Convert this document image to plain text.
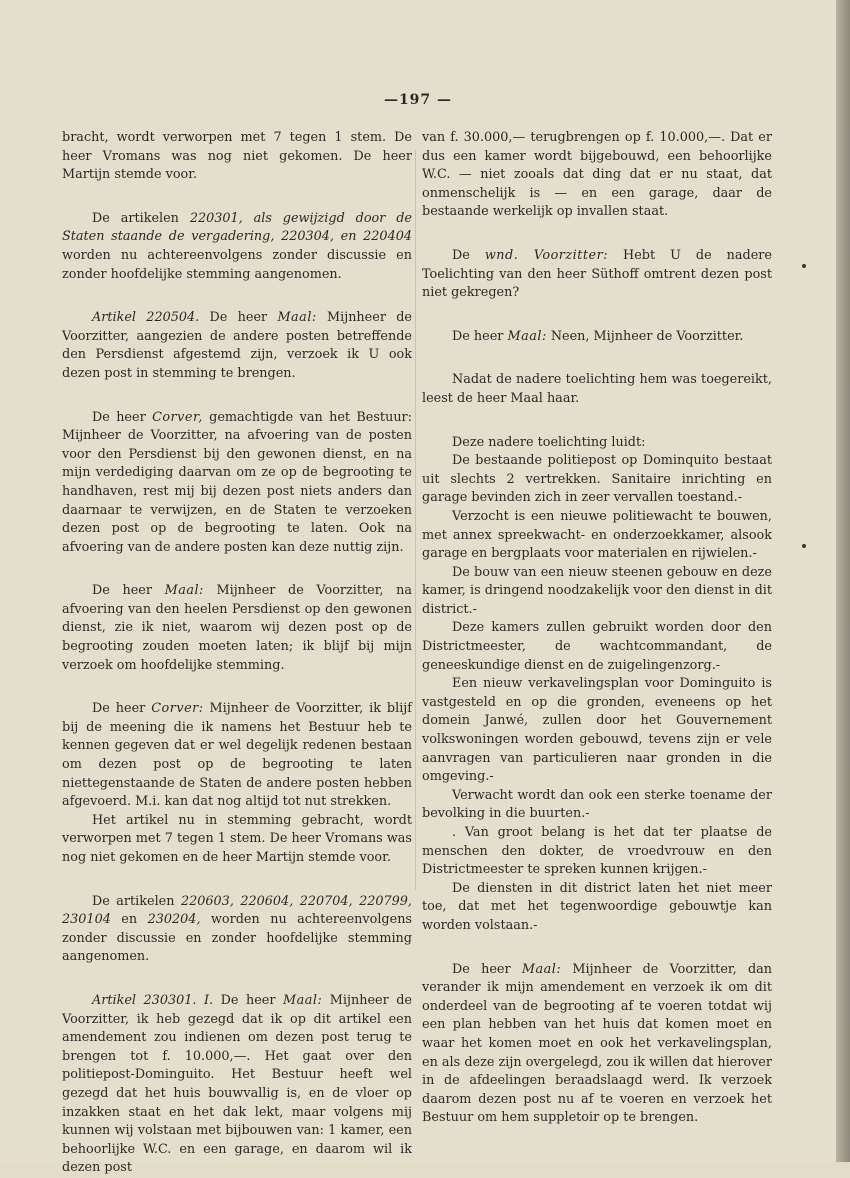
—197 —

bracht, wordt verworpen met 7 tegen 1 stem. De heer Vromans was nog niet gekomen. De heer Martijn stemde voor.

De artikelen 220301, als gewijzigd door de Staten staande de vergadering, 220304, en 220404 worden nu achtereenvolgens zonder discussie en zonder hoofdelijke stemming aangenomen.

Artikel 220504. De heer Maal: Mijnheer de Voorzitter, aangezien de andere posten betreffende den Persdienst afgestemd zijn, verzoek ik U ook dezen post in stemming te brengen.

De heer Corver, gemachtigde van het Bestuur: Mijnheer de Voorzitter, na afvoering van de posten voor den Persdienst bij den gewonen dienst, en na mijn verdediging daarvan om ze op de begrooting te handhaven, rest mij bij dezen post niets anders dan daarnaar te verwijzen, en de Staten te verzoeken dezen post op de begrooting te laten. Ook na afvoering van de andere posten kan deze nuttig zijn.

De heer Maal: Mijnheer de Voorzitter, na afvoering van den heelen Persdienst op den gewonen dienst, zie ik niet, waarom wij dezen post op de begrooting zouden moeten laten; ik blijf bij mijn verzoek om hoofdelijke stemming.

De heer Corver: Mijnheer de Voorzitter, ik blijf bij de meening die ik namens het Bestuur heb te kennen gegeven dat er wel degelijk redenen bestaan om dezen post op de begrooting te laten niettegenstaande de Staten de andere posten hebben afgevoerd. M.i. kan dat nog altijd tot nut strekken.

Het artikel nu in stemming gebracht, wordt verworpen met 7 tegen 1 stem. De heer Vromans was nog niet gekomen en de heer Martijn stemde voor.

De artikelen 220603, 220604, 220704, 220799, 230104 en 230204, worden nu achtereenvolgens zonder discussie en zonder hoofdelijke stemming aangenomen.

Artikel 230301. I. De heer Maal: Mijnheer de Voorzitter, ik heb gezegd dat ik op dit artikel een amendement zou indienen om dezen post terug te brengen tot f. 10.000,—. Het gaat over den politiepost-Dominguito. Het Bestuur heeft wel gezegd dat het huis bouwvallig is, en de vloer op inzakken staat en het dak lekt, maar volgens mij kunnen wij volstaan met bijbouwen van: 1 kamer, een behoorlijke W.C. en een garage, en daarom wil ik dezen post

van f. 30.000,— terugbrengen op f. 10.000,—. Dat er dus een kamer wordt bijgebouwd, een behoorlijke W.C. — niet zooals dat ding dat er nu staat, dat onmenschelijk is — en een garage, daar de bestaande werkelijk op invallen staat.

De wnd. Voorzitter: Hebt U de nadere Toelichting van den heer Süthoff omtrent dezen post niet gekregen?

De heer Maal: Neen, Mijnheer de Voorzitter.

Nadat de nadere toelichting hem was toegereikt, leest de heer Maal haar.

Deze nadere toelichting luidt:

De bestaande politiepost op Dominquito bestaat uit slechts 2 vertrekken. Sanitaire inrichting en garage bevinden zich in zeer vervallen toestand.-

Verzocht is een nieuwe politiewacht te bouwen, met annex spreekwacht- en onderzoekkamer, alsook garage en bergplaats voor materialen en rijwielen.-

De bouw van een nieuw steenen gebouw en deze kamer, is dringend noodzakelijk voor den dienst in dit district.-

Deze kamers zullen gebruikt worden door den Districtmeester, de wachtcommandant, de geneeskundige dienst en de zuigelingenzorg.-

Een nieuw verkavelingsplan voor Dominguito is vastgesteld en op die gronden, eveneens op het domein Janwé, zullen door het Gouvernement volkswoningen worden gebouwd, tevens zijn er vele aanvragen van particulieren naar gronden in die omgeving.-

Verwacht wordt dan ook een sterke toename der bevolking in die buurten.-

. Van groot belang is het dat ter plaatse de menschen den dokter, de vroedvrouw en den Districtmeester te spreken kunnen krijgen.-

De diensten in dit district laten het niet meer toe, dat met het tegenwoordige gebouwtje kan worden volstaan.-

De heer Maal: Mijnheer de Voorzitter, dan verander ik mijn amendement en verzoek ik om dit onderdeel van de begrooting af te voeren totdat wij een plan hebben van het huis dat komen moet en waar het komen moet en ook het verkavelingsplan, en als deze zijn overgelegd, zou ik willen dat hierover in de afdeelingen beraadslaagd werd. Ik verzoek daarom dezen post nu af te voeren en verzoek het Bestuur om hem suppletoir op te brengen.
